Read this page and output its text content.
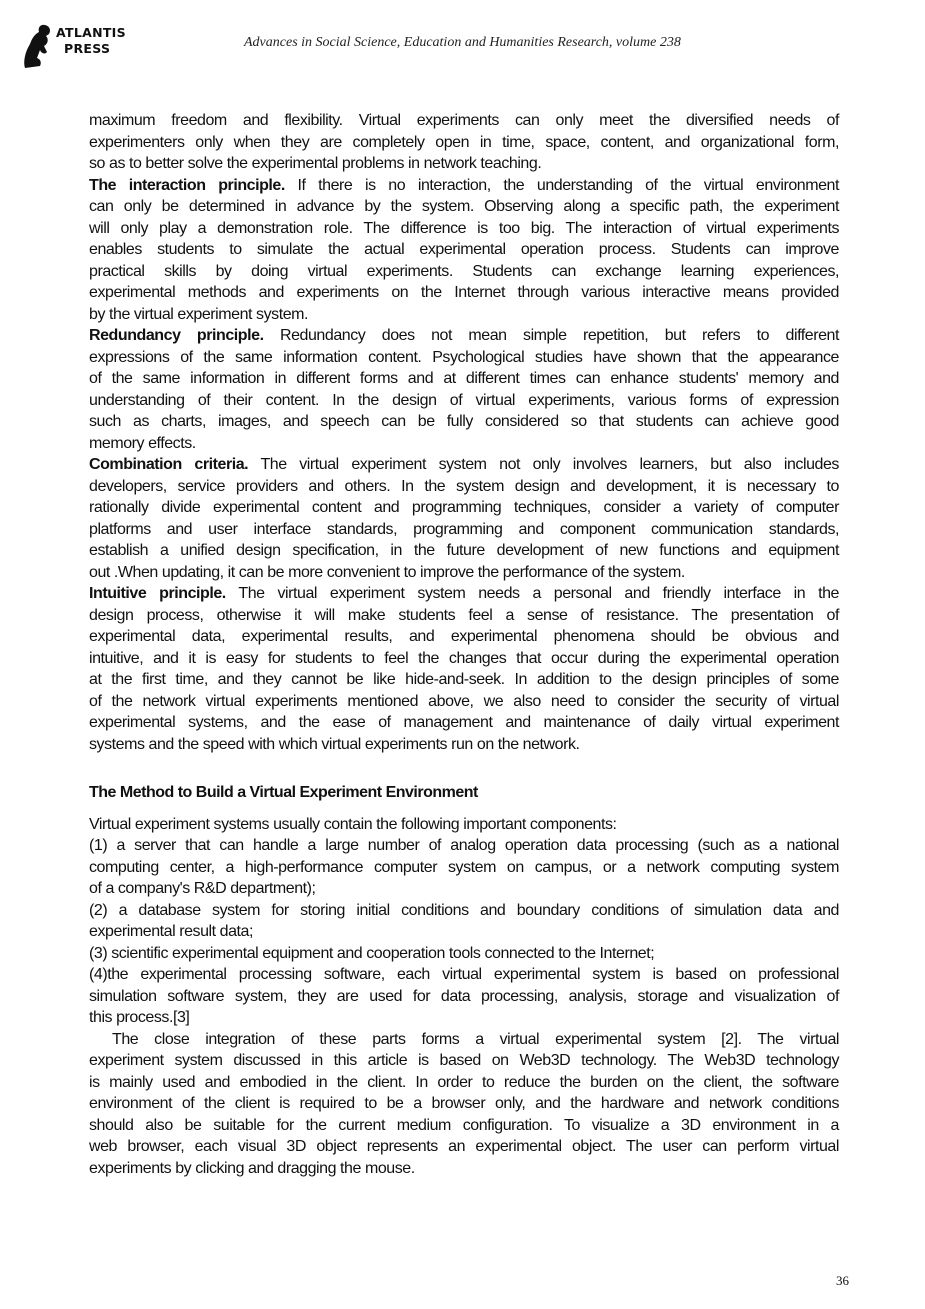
ATLANTIS
PRESS	Advances in Social Science, Education and Humanities Research, volume 238
maximum freedom and flexibility. Virtual experiments can only meet the diversified needs of
experimenters only when they are completely open in time, space, content, and organizational form,
so as to better solve the experimental problems in network teaching.
The interaction principle. If there is no interaction, the understanding of the virtual environment
can only be determined in advance by the system. Observing along a specific path, the experiment
will only play a demonstration role. The difference is too big. The interaction of virtual experiments
enables students to simulate the actual experimental operation process. Students can improve
practical skills by doing virtual experiments. Students can exchange learning experiences,
experimental methods and experiments on the Internet through various interactive means provided
by the virtual experiment system.
Redundancy principle. Redundancy does not mean simple repetition, but refers to different
expressions of the same information content. Psychological studies have shown that the appearance
of the same information in different forms and at different times can enhance students' memory and
understanding of their content. In the design of virtual experiments, various forms of expression
such as charts, images, and speech can be fully considered so that students can achieve good
memory effects.
Combination criteria. The virtual experiment system not only involves learners, but also includes
developers, service providers and others. In the system design and development, it is necessary to
rationally divide experimental content and programming techniques, consider a variety of computer
platforms and user interface standards, programming and component communication standards,
establish a unified design specification, in the future development of new functions and equipment
out .When updating, it can be more convenient to improve the performance of the system.
Intuitive principle. The virtual experiment system needs a personal and friendly interface in the
design process, otherwise it will make students feel a sense of resistance. The presentation of
experimental data, experimental results, and experimental phenomena should be obvious and
intuitive, and it is easy for students to feel the changes that occur during the experimental operation
at the first time, and they cannot be like hide-and-seek. In addition to the design principles of some
of the network virtual experiments mentioned above, we also need to consider the security of virtual
experimental systems, and the ease of management and maintenance of daily virtual experiment
systems and the speed with which virtual experiments run on the network.
The Method to Build a Virtual Experiment Environment
Virtual experiment systems usually contain the following important components:
(1) a server that can handle a large number of analog operation data processing (such as a national
computing center, a high-performance computer system on campus, or a network computing system
of a company's R&D department);
(2) a database system for storing initial conditions and boundary conditions of simulation data and
experimental result data;
(3) scientific experimental equipment and cooperation tools connected to the Internet;
(4)the experimental processing software, each virtual experimental system is based on professional
simulation software system, they are used for data processing, analysis, storage and visualization of
this process.[3]
The close integration of these parts forms a virtual experimental system [2]. The virtual
experiment system discussed in this article is based on Web3D technology. The Web3D technology
is mainly used and embodied in the client. In order to reduce the burden on the client, the software
environment of the client is required to be a browser only, and the hardware and network conditions
should also be suitable for the current medium configuration. To visualize a 3D environment in a
web browser, each visual 3D object represents an experimental object. The user can perform virtual
experiments by clicking and dragging the mouse.
36
